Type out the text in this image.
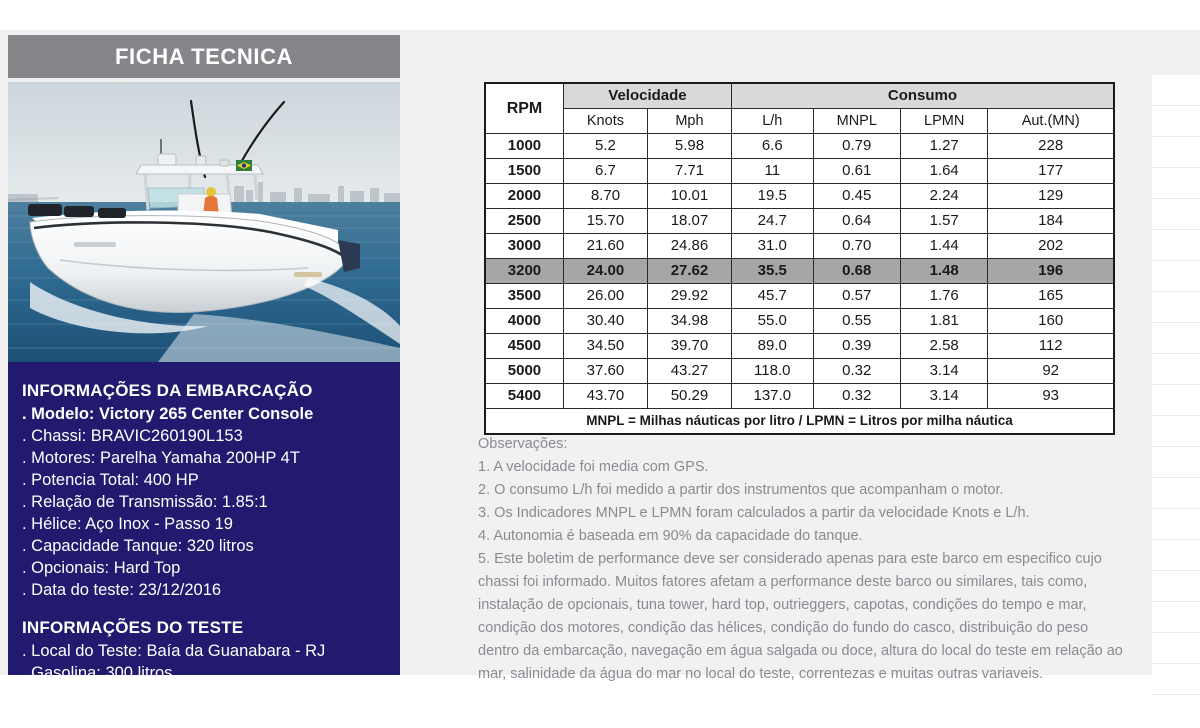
FICHA TECNICA
INFORMAÇÕES DA EMBARCAÇÃO
. Modelo: Victory 265 Center Console
. Chassi: BRAVIC260190L153
. Motores: Parelha Yamaha 200HP 4T
. Potencia Total: 400 HP
. Relação de Transmissão: 1.85:1
. Hélice: Aço Inox - Passo 19
. Capacidade Tanque: 320 litros
. Opcionais: Hard Top
. Data do teste: 23/12/2016
INFORMAÇÕES DO TESTE
. Local do Teste: Baía da Guanabara - RJ
. Gasolina: 300 litros
. Água: 60 Litros
. Tripulantes a bordo: (5) 400 Kgs
RPM	Velocidade		Consumo			
	Knots	Mph	L/h	MNPL	LPMN	Aut.(MN)
1000	5.2	5.98	6.6	0.79	1.27	228
1500	6.7	7.71	11	0.61	1.64	177
2000	8.70	10.01	19.5	0.45	2.24	129
2500	15.70	18.07	24.7	0.64	1.57	184
3000	21.60	24.86	31.0	0.70	1.44	202
3200	24.00	27.62	35.5	0.68	1.48	196
3500	26.00	29.92	45.7	0.57	1.76	165
4000	30.40	34.98	55.0	0.55	1.81	160
4500	34.50	39.70	89.0	0.39	2.58	112
5000	37.60	43.27	118.0	0.32	3.14	92
5400	43.70	50.29	137.0	0.32	3.14	93
MNPL = Milhas náuticas por litro / LPMN = Litros por milha náutica						

Observações:

1. A velocidade foi media com GPS.

2. O consumo L/h foi medido a partir dos instrumentos que acompanham o motor.

3. Os Indicadores MNPL e LPMN foram calculados a partir da velocidade Knots e L/h.

4. Autonomia é baseada em 90% da capacidade do tanque.

5. Este boletim de performance deve ser considerado apenas para este barco em especifico cujo chassi foi informado. Muitos fatores afetam a performance deste barco ou similares, tais como, instalação de opcionais, tuna tower, hard top, outrieggers, capotas, condições do tempo e mar, condição dos motores, condição das hélices, condição do fundo do casco, distribuição do peso dentro da embarcação, navegação em água salgada ou doce, altura do local do teste em relação ao mar, salinidade da água do mar no local do teste, correntezas e muitas outras variaveis.
